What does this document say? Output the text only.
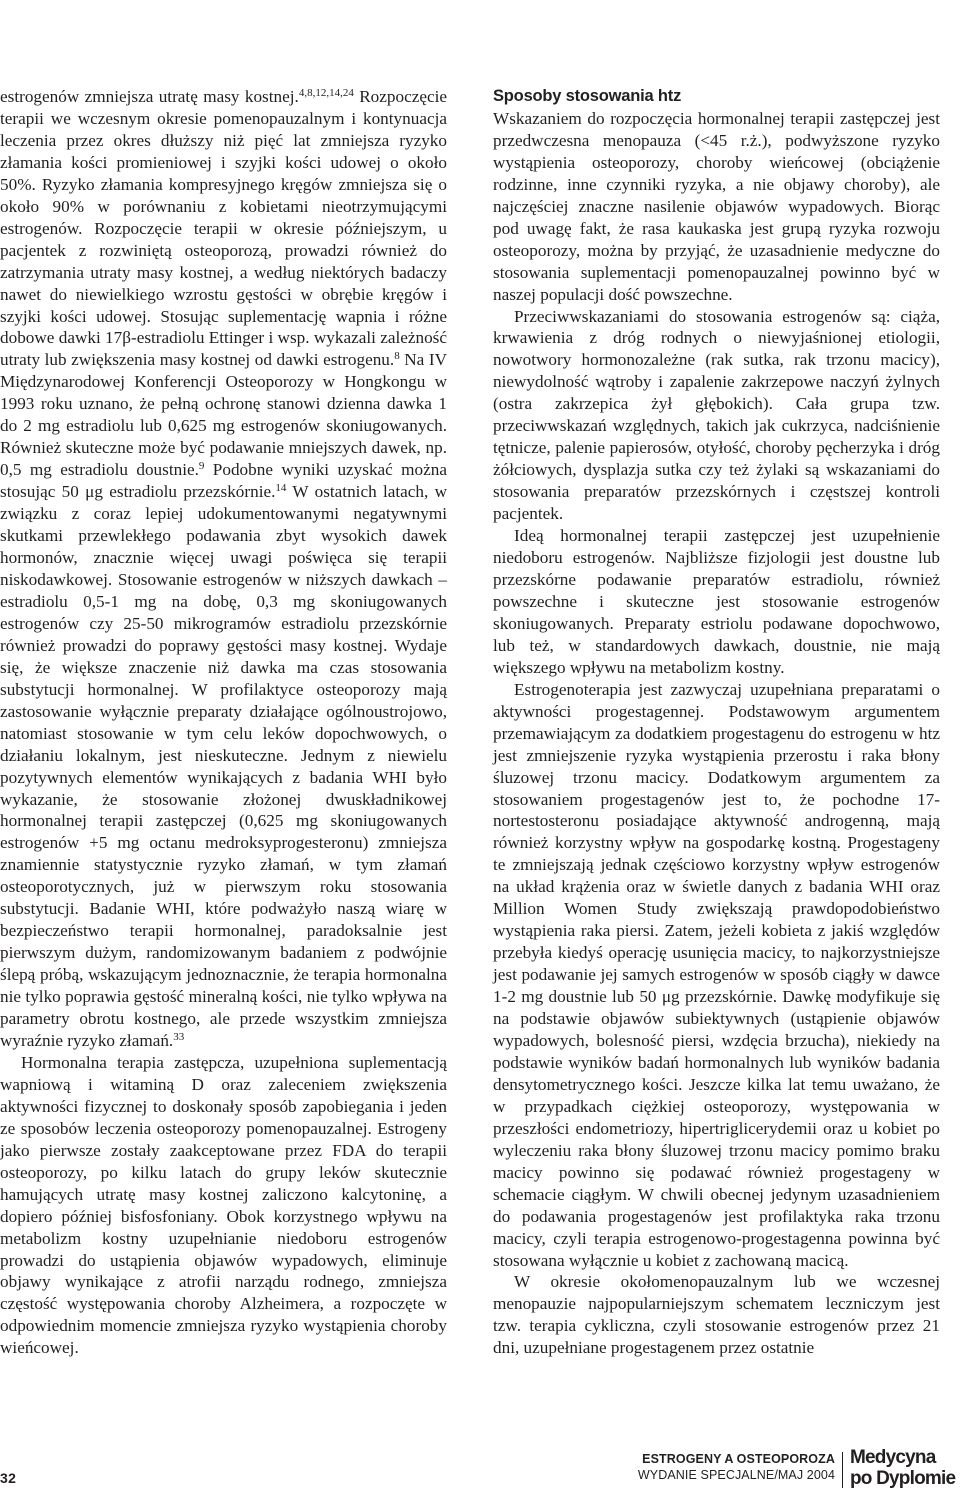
estrogenów zmniejsza utratę masy kostnej.$^{4,8,12,14,24}$ Rozpoczęcie terapii we wczesnym okresie pomenopauzalnym i kontynuacja leczenia przez okres dłuższy niż pięć lat zmniejsza ryzyko złamania kości promieniowej i szyjki kości udowej o około 50%. Ryzyko złamania kompresyjnego kręgów zmniejsza się o około 90% w porównaniu z kobietami nieotrzymującymi estrogenów. Rozpoczęcie terapii w okresie późniejszym, u pacjentek z rozwiniętą osteoporozą, prowadzi również do zatrzymania utraty masy kostnej, a według niektórych badaczy nawet do niewielkiego wzrostu gęstości w obrębie kręgów i szyjki kości udowej. Stosując suplementację wapnia i różne dobowe dawki 17β-estradiolu Ettinger i wsp. wykazali zależność utraty lub zwiększenia masy kostnej od dawki estrogenu.$^8$ Na IV Międzynarodowej Konferencji Osteoporozy w Hongkongu w 1993 roku uznano, że pełną ochronę stanowi dzienna dawka 1 do 2 mg estradiolu lub 0,625 mg estrogenów skoniugowanych. Również skuteczne może być podawanie mniejszych dawek, np. 0,5 mg estradiolu doustnie.$^9$ Podobne wyniki uzyskać można stosując 50 μg estradiolu przezskórnie.$^{14}$ W ostatnich latach, w związku z coraz lepiej udokumentowanymi negatywnymi skutkami przewlekłego podawania zbyt wysokich dawek hormonów, znacznie więcej uwagi poświęca się terapii niskodawkowej. Stosowanie estrogenów w niższych dawkach – estradiolu 0,5-1 mg na dobę, 0,3 mg skoniugowanych estrogenów czy 25-50 mikrogramów estradiolu przezskórnie również prowadzi do poprawy gęstości masy kostnej. Wydaje się, że większe znaczenie niż dawka ma czas stosowania substytucji hormonalnej. W profilaktyce osteoporozy mają zastosowanie wyłącznie preparaty działające ogólnoustrojowo, natomiast stosowanie w tym celu leków dopochwowych, o działaniu lokalnym, jest nieskuteczne. Jednym z niewielu pozytywnych elementów wynikających z badania WHI było wykazanie, że stosowanie złożonej dwuskładnikowej hormonalnej terapii zastępczej (0,625 mg skoniugowanych estrogenów +5 mg octanu medroksyprogesteronu) zmniejsza znamiennie statystycznie ryzyko złamań, w tym złamań osteoporotycznych, już w pierwszym roku stosowania substytucji. Badanie WHI, które podważyło naszą wiarę w bezpieczeństwo terapii hormonalnej, paradoksalnie jest pierwszym dużym, randomizowanym badaniem z podwójnie ślepą próbą, wskazującym jednoznacznie, że terapia hormonalna nie tylko poprawia gęstość mineralną kości, nie tylko wpływa na parametry obrotu kostnego, ale przede wszystkim zmniejsza wyraźnie ryzyko złamań.$^{33}$

Hormonalna terapia zastępcza, uzupełniona suplementacją wapniową i witaminą D oraz zaleceniem zwiększenia aktywności fizycznej to doskonały sposób zapobiegania i jeden ze sposobów leczenia osteoporozy pomenopauzalnej. Estrogeny jako pierwsze zostały zaakceptowane przez FDA do terapii osteoporozy, po kilku latach do grupy leków skutecznie hamujących utratę masy kostnej zaliczono kalcytoninę, a dopiero później bisfosfoniany. Obok korzystnego wpływu na metabolizm kostny uzupełnianie niedoboru estrogenów prowadzi do ustąpienia objawów wypadowych, eliminuje objawy wynikające z atrofii narządu rodnego, zmniejsza częstość występowania choroby Alzheimera, a rozpoczęte w odpowiednim momencie zmniejsza ryzyko wystąpienia choroby wieńcowej.

Sposoby stosowania htz

Wskazaniem do rozpoczęcia hormonalnej terapii zastępczej jest przedwczesna menopauza (<45 r.ż.), podwyższone ryzyko wystąpienia osteoporozy, choroby wieńcowej (obciążenie rodzinne, inne czynniki ryzyka, a nie objawy choroby), ale najczęściej znaczne nasilenie objawów wypadowych. Biorąc pod uwagę fakt, że rasa kaukaska jest grupą ryzyka rozwoju osteoporozy, można by przyjąć, że uzasadnienie medyczne do stosowania suplementacji pomenopauzalnej powinno być w naszej populacji dość powszechne.

Przeciwwskazaniami do stosowania estrogenów są: ciąża, krwawienia z dróg rodnych o niewyjaśnionej etiologii, nowotwory hormonozależne (rak sutka, rak trzonu macicy), niewydolność wątroby i zapalenie zakrzepowe naczyń żylnych (ostra zakrzepica żył głębokich). Cała grupa tzw. przeciwwskazań względnych, takich jak cukrzyca, nadciśnienie tętnicze, palenie papierosów, otyłość, choroby pęcherzyka i dróg żółciowych, dysplazja sutka czy też żylaki są wskazaniami do stosowania preparatów przezskórnych i częstszej kontroli pacjentek.

Ideą hormonalnej terapii zastępczej jest uzupełnienie niedoboru estrogenów. Najbliższe fizjologii jest doustne lub przezskórne podawanie preparatów estradiolu, również powszechne i skuteczne jest stosowanie estrogenów skoniugowanych. Preparaty estriolu podawane dopochwowo, lub też, w standardowych dawkach, doustnie, nie mają większego wpływu na metabolizm kostny.

Estrogenoterapia jest zazwyczaj uzupełniana preparatami o aktywności progestagennej. Podstawowym argumentem przemawiającym za dodatkiem progestagenu do estrogenu w htz jest zmniejszenie ryzyka wystąpienia przerostu i raka błony śluzowej trzonu macicy. Dodatkowym argumentem za stosowaniem progestagenów jest to, że pochodne 17-nortestosteronu posiadające aktywność androgenną, mają również korzystny wpływ na gospodarkę kostną. Progestageny te zmniejszają jednak częściowo korzystny wpływ estrogenów na układ krążenia oraz w świetle danych z badania WHI oraz Million Women Study zwiększają prawdopodobieństwo wystąpienia raka piersi. Zatem, jeżeli kobieta z jakiś względów przebyła kiedyś operację usunięcia macicy, to najkorzystniejsze jest podawanie jej samych estrogenów w sposób ciągły w dawce 1-2 mg doustnie lub 50 μg przezskórnie. Dawkę modyfikuje się na podstawie objawów subiektywnych (ustąpienie objawów wypadowych, bolesność piersi, wzdęcia brzucha), niekiedy na podstawie wyników badań hormonalnych lub wyników badania densytometrycznego kości. Jeszcze kilka lat temu uważano, że w przypadkach ciężkiej osteoporozy, występowania w przeszłości endometriozy, hipertriglicerydemii oraz u kobiet po wyleczeniu raka błony śluzowej trzonu macicy pomimo braku macicy powinno się podawać również progestageny w schemacie ciągłym. W chwili obecnej jedynym uzasadnieniem do podawania progestagenów jest profilaktyka raka trzonu macicy, czyli terapia estrogenowo-progestagenna powinna być stosowana wyłącznie u kobiet z zachowaną macicą.

W okresie okołomenopauzalnym lub we wczesnej menopauzie najpopularniejszym schematem leczniczym jest tzw. terapia cykliczna, czyli stosowanie estrogenów przez 21 dni, uzupełniane progestagenem przez ostatnie

32
ESTROGENY A OSTEOPOROZA
WYDANIE SPECJALNE/MAJ 2004
Medycyna
po Dyplomie
